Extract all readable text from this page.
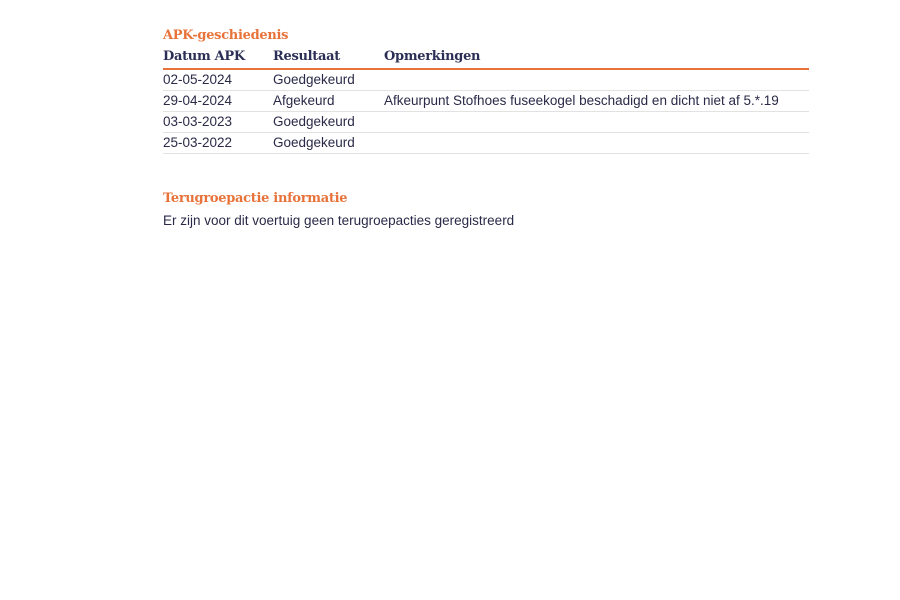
APK-geschiedenis
Datum APK	Resultaat	Opmerkingen
02-05-2024	Goedgekeurd	
29-04-2024	Afgekeurd	Afkeurpunt Stofhoes fuseekogel beschadigd en dicht niet af 5.*.19
03-03-2023	Goedgekeurd	
25-03-2022	Goedgekeurd	
Terugroepactie informatie
Er zijn voor dit voertuig geen terugroepacties geregistreerd
